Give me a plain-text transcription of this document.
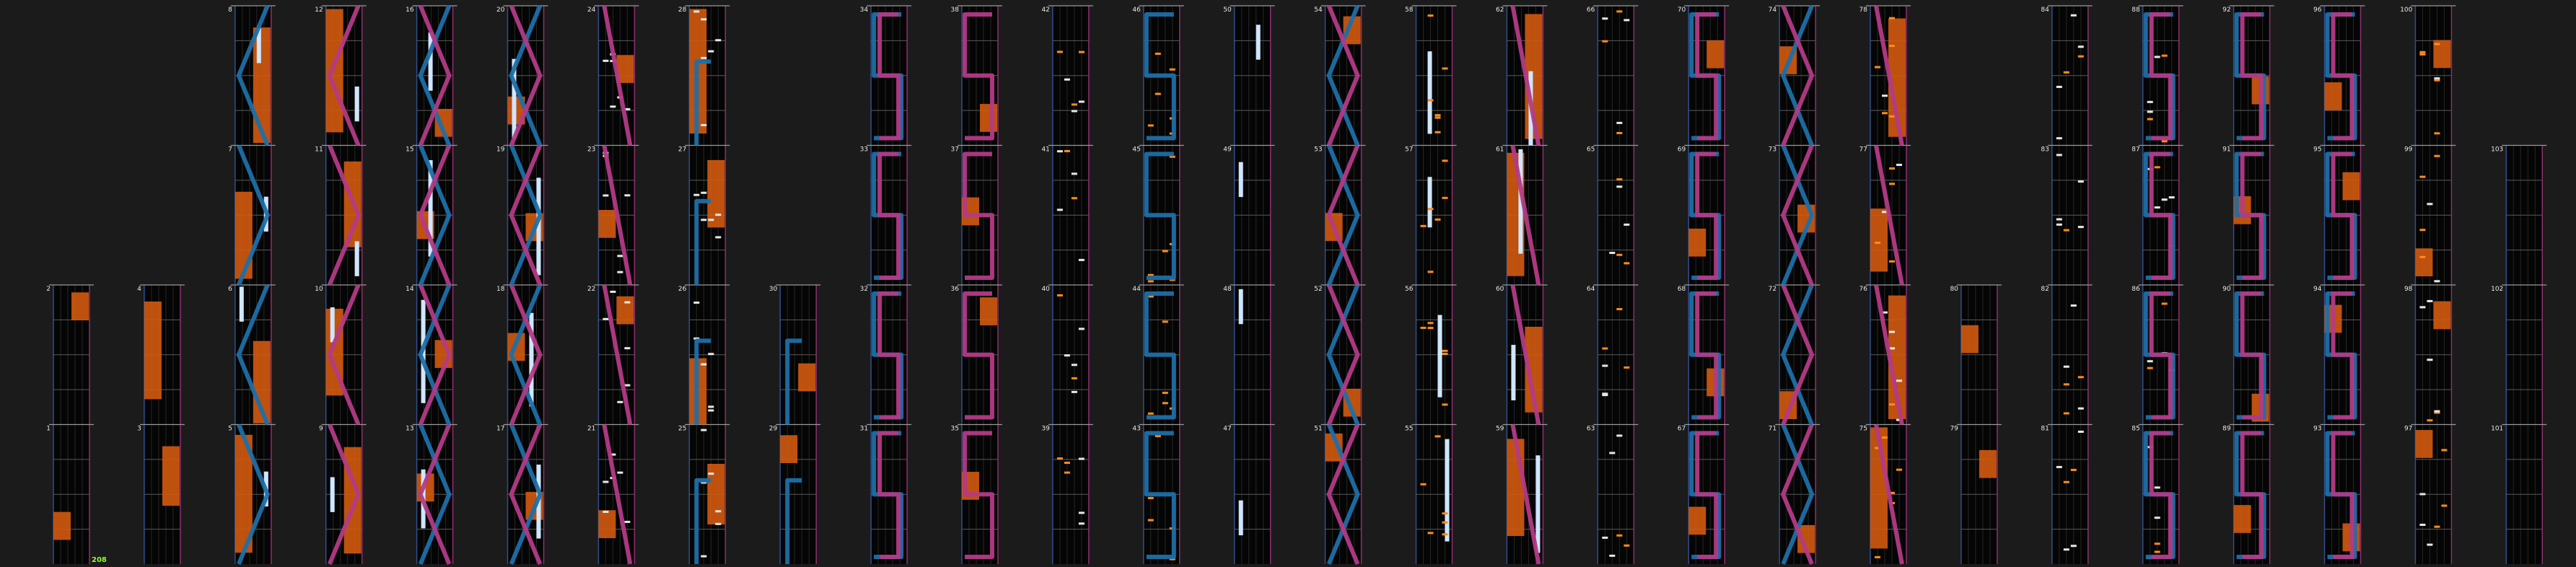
208
1
2
3
4
5
6
7
8
9
10
11
12
13
14
15
16
17
18
19
20
21
22
23
24
25
26
27
28
29
30
31
32
33
34
35
36
37
38
39
40
41
42
43
44
45
46
47
48
49
50
51
52
53
54
55
56
57
58
59
60
61
62
63
64
65
66
67
68
69
70
71
72
73
74
75
76
77
78
79
80
81
82
83
84
85
86
87
88
89
90
91
92
93
94
95
96
97
98
99
100
101
102
103
